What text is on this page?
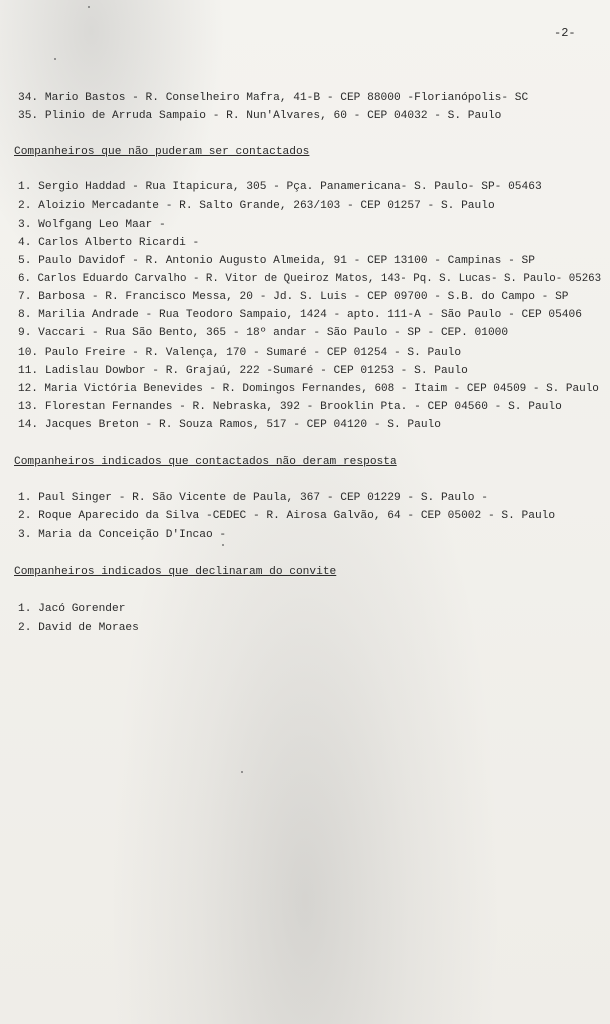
-2-
34. Mario Bastos - R. Conselheiro Mafra, 41-B - CEP 88000 -Florianópolis- SC
35. Plinio de Arruda Sampaio - R. Nun'Alvares, 60 - CEP 04032 - S. Paulo
Companheiros que não puderam ser contactados
1. Sergio Haddad - Rua Itapicura, 305 - Pça. Panamericana- S. Paulo- SP- 05463
2. Aloizio Mercadante - R. Salto Grande, 263/103 - CEP 01257 - S. Paulo
3. Wolfgang Leo Maar -
4. Carlos Alberto Ricardi -
5. Paulo Davidof - R. Antonio Augusto Almeida, 91 - CEP 13100 - Campinas - SP
6. Carlos Eduardo Carvalho - R. Vitor de Queiroz Matos, 143- Pq. S. Lucas- S. Paulo- 05263
7. Barbosa - R. Francisco Messa, 20 - Jd. S. Luis - CEP 09700 - S.B. do Campo - SP
8. Marilia Andrade - Rua Teodoro Sampaio, 1424 - apto. 111-A - São Paulo - CEP 05406
9. Vaccari - Rua São Bento, 365 - 18º andar - São Paulo - SP - CEP. 01000
10. Paulo Freire - R. Valença, 170 - Sumaré - CEP 01254 - S. Paulo
11. Ladislau Dowbor - R. Grajaú, 222 -Sumaré - CEP 01253 - S. Paulo
12. Maria Victória Benevides - R. Domingos Fernandes, 608 - Itaim - CEP 04509 - S. Paulo
13. Florestan Fernandes - R. Nebraska, 392 - Brooklin Pta. - CEP 04560 - S. Paulo
14. Jacques Breton - R. Souza Ramos, 517 - CEP 04120 - S. Paulo
Companheiros indicados que contactados não deram resposta
1. Paul Singer - R. São Vicente de Paula, 367 - CEP 01229 - S. Paulo -
2. Roque Aparecido da Silva -CEDEC - R. Airosa Galvão, 64 - CEP 05002 - S. Paulo
3. Maria da Conceição D'Incao -
Companheiros indicados que declinaram do convite
1. Jacó Gorender
2. David de Moraes
